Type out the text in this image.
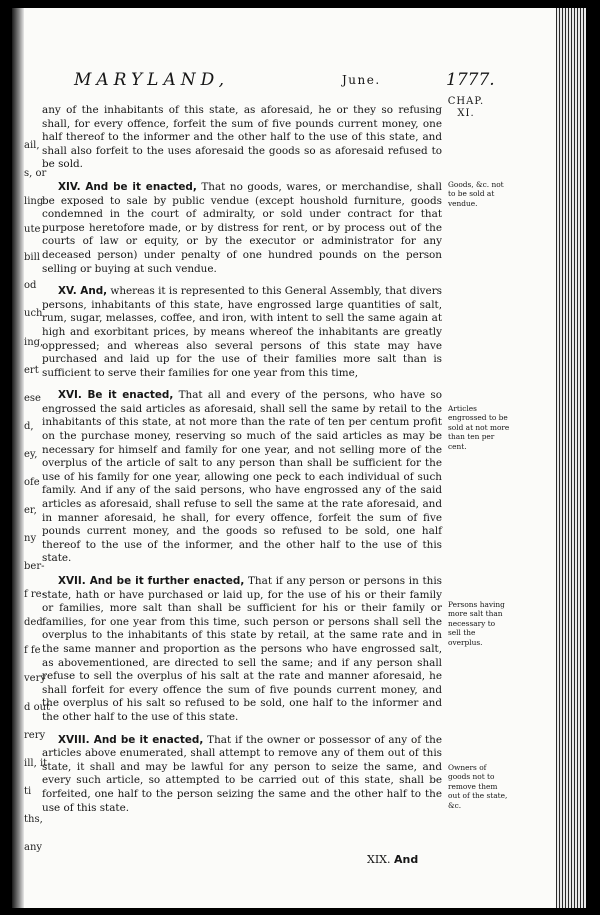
ail,
s, or
ling
ute
bill
od
uch
ing,
ert
ese
d,
ey,
ofe
er,
ny
ber-
f re-
ded
f fe
very
d out
rery
ill, it
ti
ths,
any
MARYLAND,	June.	1777.
CHAP.
XI.

any of the inhabitants of this state, as aforesaid, he or they so refusing shall, for every offence, forfeit the sum of five pounds current money, one half thereof to the informer and the other half to the use of this state, and shall also forfeit to the uses aforesaid the goods so as aforesaid refused to be sold.

XIV. And be it enacted, That no goods, wares, or merchandise, shall be exposed to sale by public vendue (except houshold furniture, goods condemned in the court of admiralty, or sold under contract for that purpose heretofore made, or by distress for rent, or by process out of the courts of law or equity, or by the executor or administrator for any deceased person) under penalty of one hundred pounds on the person selling or buying at such vendue.

XV. And, whereas it is represented to this General Assembly, that divers persons, inhabitants of this state, have engrossed large quantities of salt, rum, sugar, melasses, coffee, and iron, with intent to sell the same again at high and exorbitant prices, by means whereof the inhabitants are greatly oppressed; and whereas also several persons of this state may have purchased and laid up for the use of their families more salt than is sufficient to serve their families for one year from this time,

XVI. Be it enacted, That all and every of the persons, who have so engrossed the said articles as aforesaid, shall sell the same by retail to the inhabitants of this state, at not more than the rate of ten per centum profit on the purchase money, reserving so much of the said articles as may be necessary for himself and family for one year, and not selling more of the overplus of the article of salt to any person than shall be sufficient for the use of his family for one year, allowing one peck to each individual of such family. And if any of the said persons, who have engrossed any of the said articles as aforesaid, shall refuse to sell the same at the rate aforesaid, and in manner aforesaid, he shall, for every offence, forfeit the sum of five pounds current money, and the goods so refused to be sold, one half thereof to the use of the informer, and the other half to the use of this state.

XVII. And be it further enacted, That if any person or persons in this state, hath or have purchased or laid up, for the use of his or their family or families, more salt than shall be sufficient for his or their family or families, for one year from this time, such person or persons shall sell the overplus to the inhabitants of this state by retail, at the same rate and in the same manner and proportion as the persons who have engrossed salt, as abovementioned, are directed to sell the same; and if any person shall refuse to sell the overplus of his salt at the rate and manner aforesaid, he shall forfeit for every offence the sum of five pounds current money, and the overplus of his salt so refused to be sold, one half to the informer and the other half to the use of this state.

XVIII. And be it enacted, That if the owner or possessor of any of the articles above enumerated, shall attempt to remove any of them out of this state, it shall and may be lawful for any person to seize the same, and every such article, so attempted to be carried out of this state, shall be forfeited, one half to the person seizing the same and the other half to the use of this state.

Goods, &c. not to be sold at vendue.
Articles engrossed to be sold at not more than ten per cent.
Persons having more salt than necessary to sell the overplus.
Owners of goods not to remove them out of the state, &c.
XIX. And
